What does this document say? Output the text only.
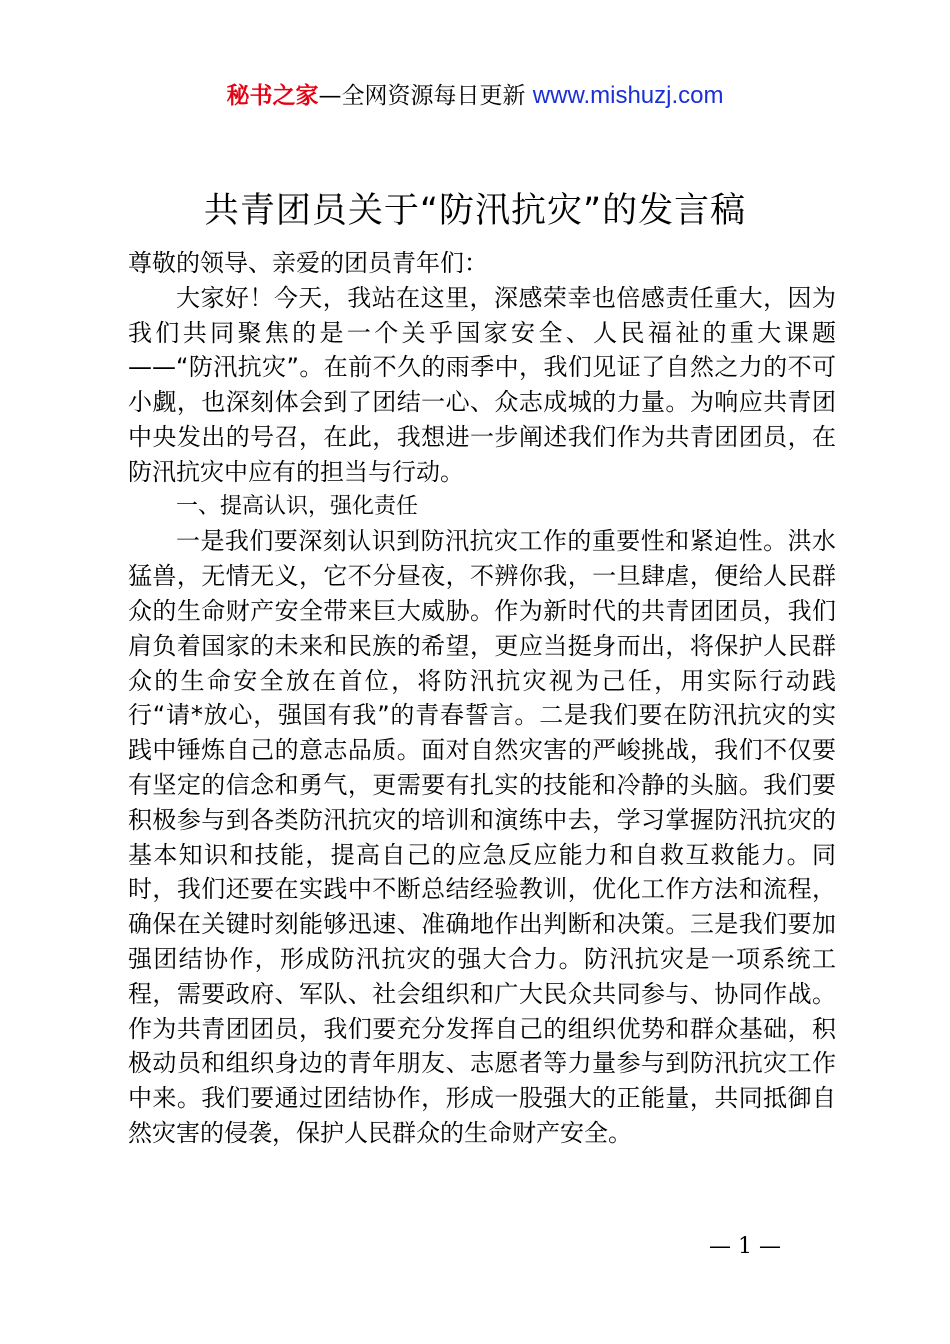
秘书之家—全网资源每日更新 www.mishuzj.com
共青团员关于“防汛抗灾”的发言稿

尊敬的领导、亲爱的团员青年们：

大家好！今天，我站在这里，深感荣幸也倍感责任重大，因为我们共同聚焦的是一个关乎国家安全、人民福祉的重大课题——“防汛抗灾”。在前不久的雨季中，我们见证了自然之力的不可小觑，也深刻体会到了团结一心、众志成城的力量。为响应共青团中央发出的号召，在此，我想进一步阐述我们作为共青团团员，在防汛抗灾中应有的担当与行动。

一、提高认识，强化责任

一是我们要深刻认识到防汛抗灾工作的重要性和紧迫性。洪水猛兽，无情无义，它不分昼夜，不辨你我，一旦肆虐，便给人民群众的生命财产安全带来巨大威胁。作为新时代的共青团团员，我们肩负着国家的未来和民族的希望，更应当挺身而出，将保护人民群众的生命安全放在首位，将防汛抗灾视为己任，用实际行动践行“请*放心，强国有我”的青春誓言。二是我们要在防汛抗灾的实践中锤炼自己的意志品质。面对自然灾害的严峻挑战，我们不仅要有坚定的信念和勇气，更需要有扎实的技能和冷静的头脑。我们要积极参与到各类防汛抗灾的培训和演练中去，学习掌握防汛抗灾的基本知识和技能，提高自己的应急反应能力和自救互救能力。同时，我们还要在实践中不断总结经验教训，优化工作方法和流程，确保在关键时刻能够迅速、准确地作出判断和决策。三是我们要加强团结协作，形成防汛抗灾的强大合力。防汛抗灾是一项系统工程，需要政府、军队、社会组织和广大民众共同参与、协同作战。作为共青团团员，我们要充分发挥自己的组织优势和群众基础，积极动员和组织身边的青年朋友、志愿者等力量参与到防汛抗灾工作中来。我们要通过团结协作，形成一股强大的正能量，共同抵御自然灾害的侵袭，保护人民群众的生命财产安全。

— 1 —
